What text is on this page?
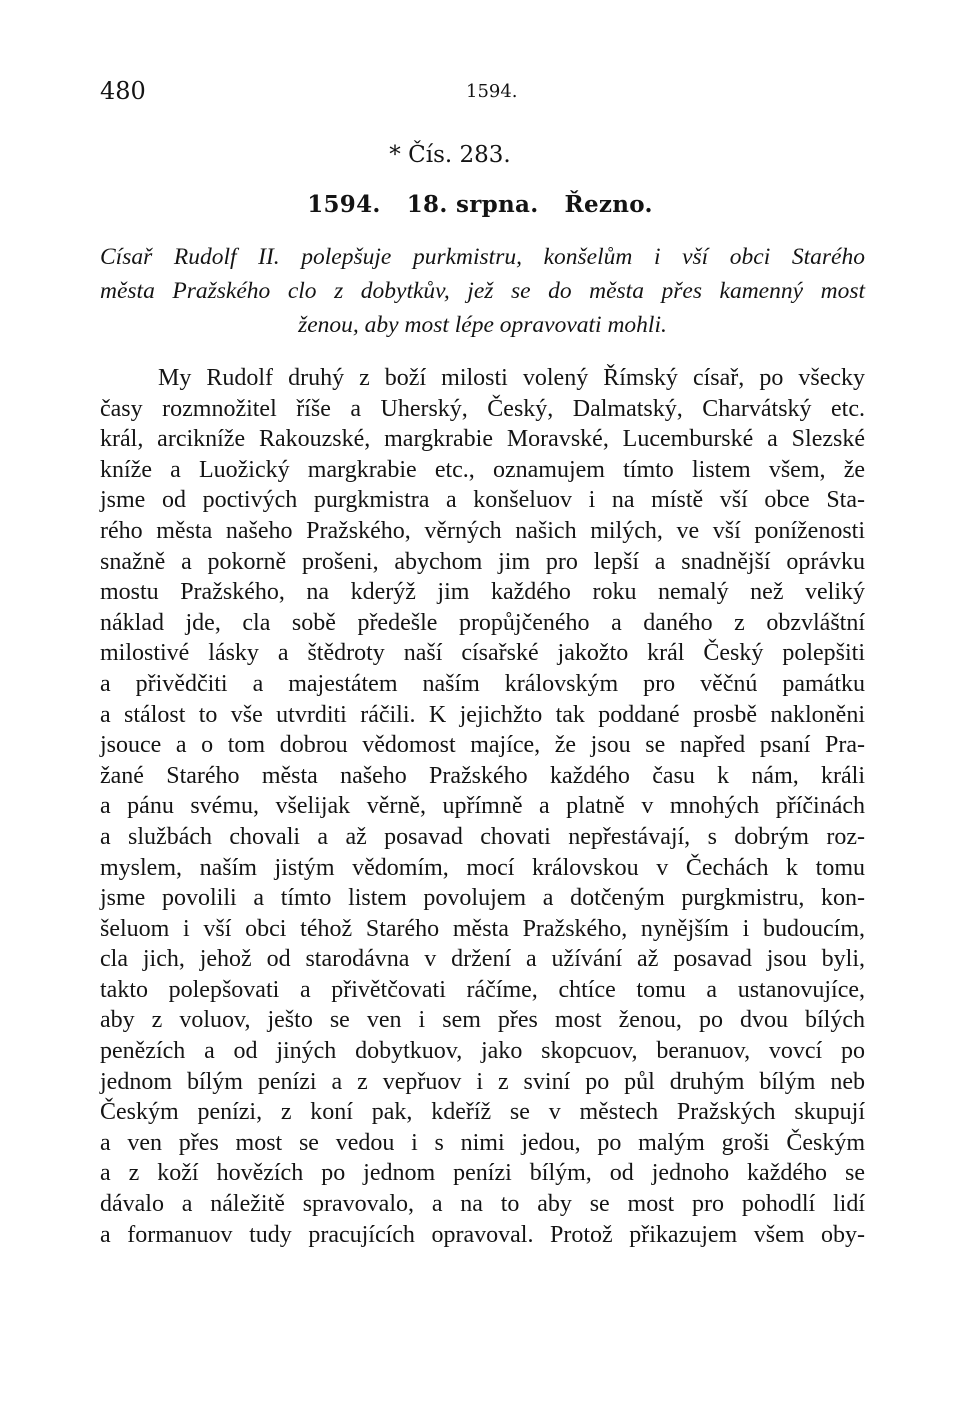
480	1594.
* Čís. 283.
1594. 18. srpna. Řezno.
Císař Rudolf II. polepšuje purkmistru, konšelům i vší obci Starého
města Pražského clo z dobytkův, jež se do města přes kamenný most
ženou, aby most lépe opravovati mohli.
My Rudolf druhý z boží milosti volený Římský císař, po všecky
časy rozmnožitel říše a Uherský, Český, Dalmatský, Charvátský etc.
král, arcikníže Rakouzské, margkrabie Moravské, Lucemburské a Slezské
kníže a Luožický margkrabie etc., oznamujem tímto listem všem, že
jsme od poctivých purgkmistra a konšeluov i na místě vší obce Sta-
rého města našeho Pražského, věrných našich milých, ve vší poníženosti
snažně a pokorně prošeni, abychom jim pro lepší a snadnější oprávku
mostu Pražského, na kderýž jim každého roku nemalý než veliký
náklad jde, cla sobě předešle propůjčeného a daného z obzvláštní
milostivé lásky a štědroty naší císařské jakožto král Český polepšiti
a přivědčiti a majestátem naším královským pro věčnú památku
a stálost to vše utvrditi ráčili. K jejichžto tak poddané prosbě nakloněni
jsouce a o tom dobrou vědomost majíce, že jsou se napřed psaní Pra-
žané Starého města našeho Pražského každého času k nám, králi
a pánu svému, všelijak věrně, upřímně a platně v mnohých příčinách
a službách chovali a až posavad chovati nepřestávají, s dobrým roz-
myslem, naším jistým vědomím, mocí královskou v Čechách k tomu
jsme povolili a tímto listem povolujem a dotčeným purgkmistru, kon-
šeluom i vší obci téhož Starého města Pražského, nynějším i budoucím,
cla jich, jehož od starodávna v držení a užívání až posavad jsou byli,
takto polepšovati a přivětčovati ráčíme, chtíce tomu a ustanovujíce,
aby z voluov, ješto se ven i sem přes most ženou, po dvou bílých
penězích a od jiných dobytkuov, jako skopcuov, beranuov, vovcí po
jednom bílým penízi a z vepřuov i z sviní po půl druhým bílým neb
Českým penízi, z koní pak, kdeříž se v městech Pražských skupují
a ven přes most se vedou i s nimi jedou, po malým groši Českým
a z koží hovězích po jednom penízi bílým, od jednoho každého se
dávalo a náležitě spravovalo, a na to aby se most pro pohodlí lidí
a formanuov tudy pracujících opravoval. Protož přikazujem všem oby-
